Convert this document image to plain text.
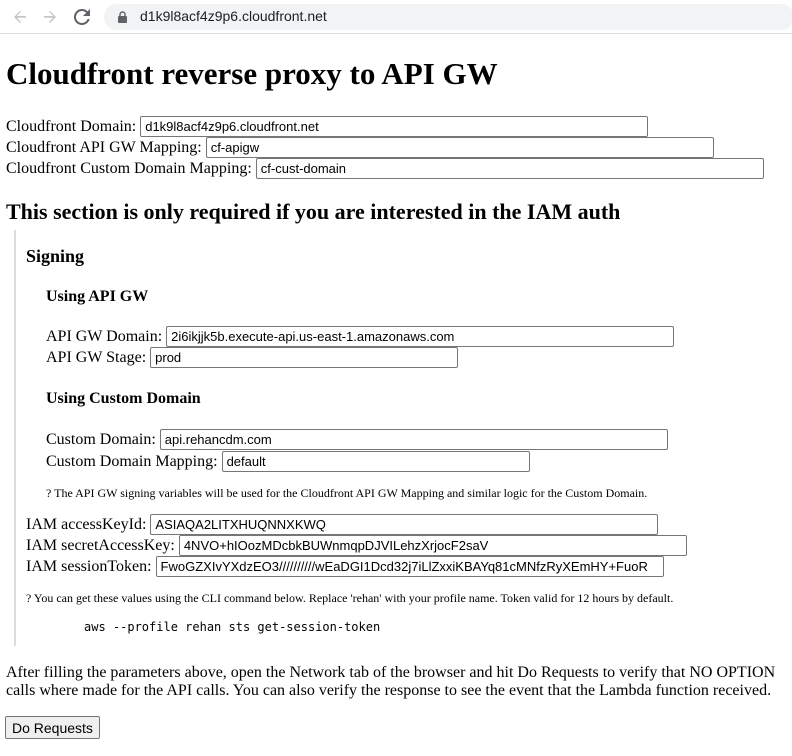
d1k9l8acf4z9p6.cloudfront.net
Cloudfront reverse proxy to API GW
Cloudfront Domain:
d1k9l8acf4z9p6.cloudfront.net
Cloudfront API GW Mapping:
cf-apigw
Cloudfront Custom Domain Mapping:
cf-cust-domain
This section is only required if you are interested in the IAM auth
Signing
Using API GW
API GW Domain:
2i6ikjjk5b.execute-api.us-east-1.amazonaws.com
API GW Stage:
prod
Using Custom Domain
Custom Domain:
api.rehancdm.com
Custom Domain Mapping:
default

? The API GW signing variables will be used for the Cloudfront API GW Mapping and similar logic for the Custom Domain.

IAM accessKeyId:
ASIAQA2LITXHUQNNXKWQ
IAM secretAccessKey:
4NVO+hIOozMDcbkBUWnmqpDJVILehzXrjocF2saV
IAM sessionToken:
FwoGZXIvYXdzEO3//////////wEaDGI1Dcd32j7iLlZxxiKBAYq81cMNfzRyXEmHY+FuoR

? You can get these values using the CLI command below. Replace 'rehan' with your profile name. Token valid for 12 hours by default.

aws --profile rehan sts get-session-token

After filling the parameters above, open the Network tab of the browser and hit Do Requests to verify that NO OPTION calls where made for the API calls. You can also verify the response to see the event that the Lambda function received.

Do Requests
